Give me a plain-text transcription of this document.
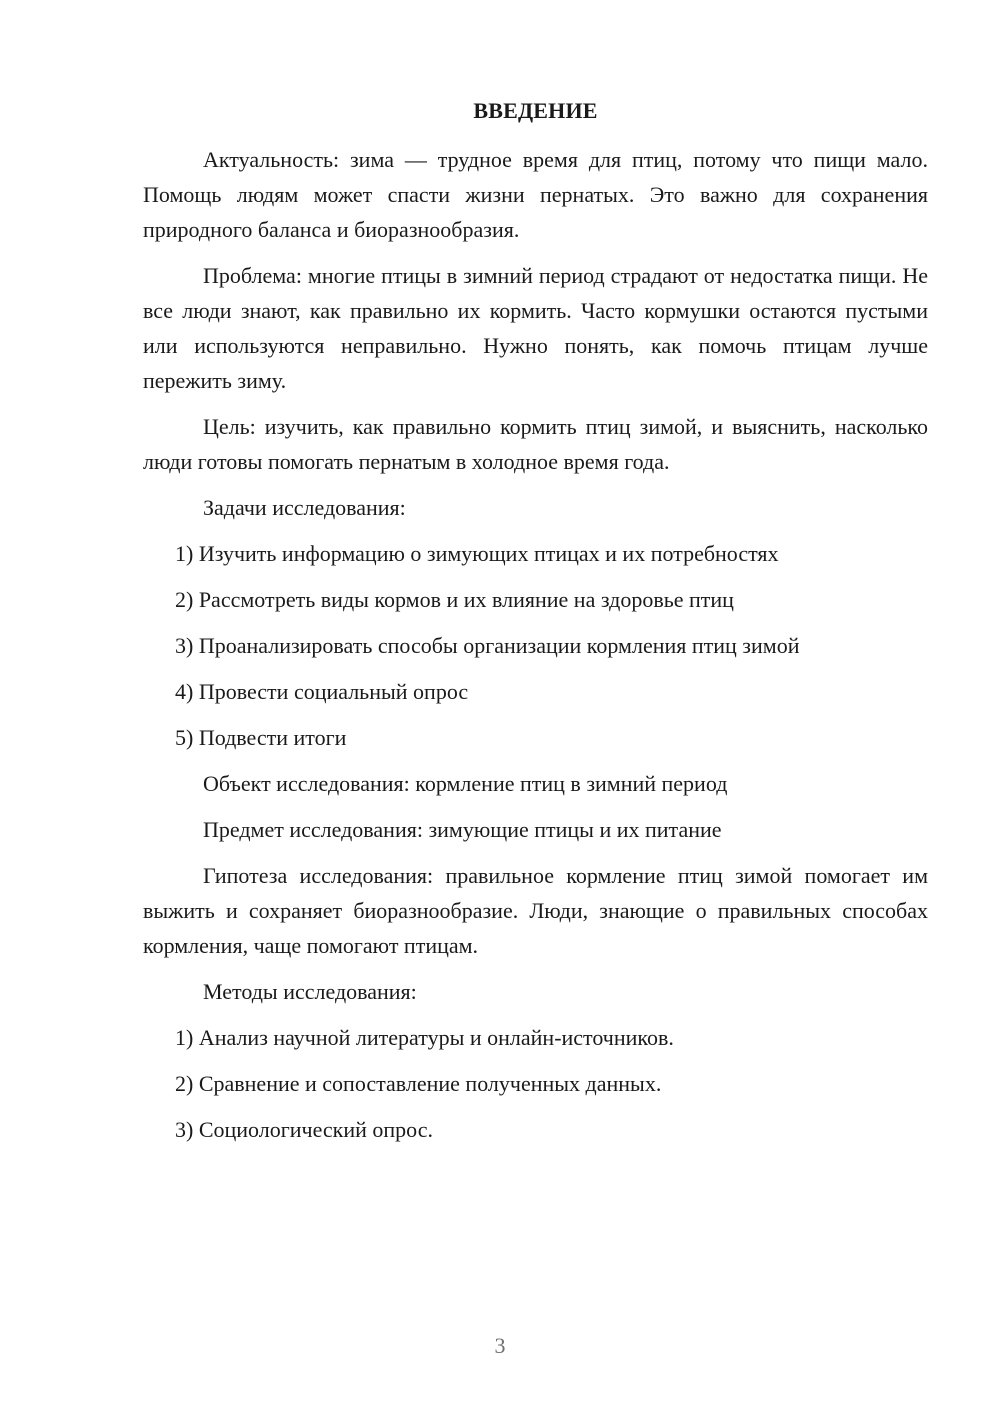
ВВЕДЕНИЕ

Актуальность: зима — трудное время для птиц, потому что пищи мало. Помощь людям может спасти жизни пернатых. Это важно для сохранения природного баланса и биоразнообразия.

Проблема: многие птицы в зимний период страдают от недостатка пищи. Не все люди знают, как правильно их кормить. Часто кормушки остаются пустыми или используются неправильно. Нужно понять, как помочь птицам лучше пережить зиму.

Цель: изучить, как правильно кормить птиц зимой, и выяснить, насколько люди готовы помогать пернатым в холодное время года.

Задачи исследования:
1) Изучить информацию о зимующих птицах и их потребностях
2) Рассмотреть виды кормов и их влияние на здоровье птиц
3) Проанализировать способы организации кормления птиц зимой
4) Провести социальный опрос
5) Подвести итоги
Объект исследования: кормление птиц в зимний период
Предмет исследования: зимующие птицы и их питание

Гипотеза исследования: правильное кормление птиц зимой помогает им выжить и сохраняет биоразнообразие. Люди, знающие о правильных способах кормления, чаще помогают птицам.

Методы исследования:
1) Анализ научной литературы и онлайн-источников.
2) Сравнение и сопоставление полученных данных.
3) Социологический опрос.
3
